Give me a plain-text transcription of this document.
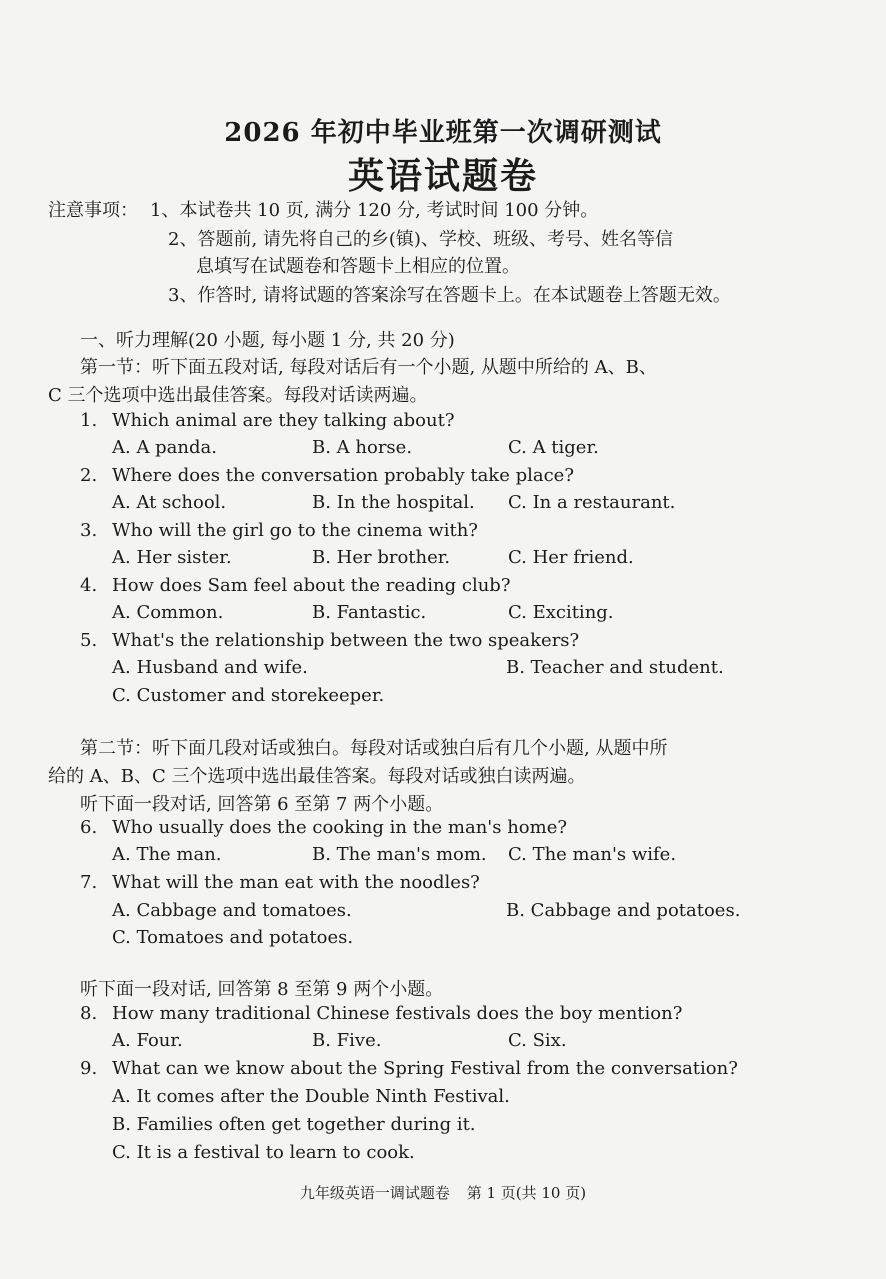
2026 年初中毕业班第一次调研测试
英语试题卷
注意事项： 1、本试卷共 10 页, 满分 120 分, 考试时间 100 分钟。
2、答题前, 请先将自己的乡(镇)、学校、班级、考号、姓名等信
息填写在试题卷和答题卡上相应的位置。
3、作答时, 请将试题的答案涂写在答题卡上。在本试题卷上答题无效。
一、听力理解(20 小题, 每小题 1 分, 共 20 分)
第一节：听下面五段对话, 每段对话后有一个小题, 从题中所给的 A、B、
C 三个选项中选出最佳答案。每段对话读两遍。
1. Which animal are they talking about?
A. A panda.	B. A horse.	C. A tiger.
2. Where does the conversation probably take place?
A. At school.	B. In the hospital. C. In a restaurant.
3. Who will the girl go to the cinema with?
A. Her sister.	B. Her brother.	C. Her friend.
4. How does Sam feel about the reading club?
A. Common.	B. Fantastic.	C. Exciting.
5. What's the relationship between the two speakers?
A. Husband and wife.	B. Teacher and student.
C. Customer and storekeeper.
第二节：听下面几段对话或独白。每段对话或独白后有几个小题, 从题中所
给的 A、B、C 三个选项中选出最佳答案。每段对话或独白读两遍。
听下面一段对话, 回答第 6 至第 7 两个小题。
6. Who usually does the cooking in the man's home?
A. The man.	B. The man's mom. C. The man's wife.
7. What will the man eat with the noodles?
A. Cabbage and tomatoes.	B. Cabbage and potatoes.
C. Tomatoes and potatoes.
听下面一段对话, 回答第 8 至第 9 两个小题。
8. How many traditional Chinese festivals does the boy mention?
A. Four.	B. Five.	C. Six.
9. What can we know about the Spring Festival from the conversation?
A. It comes after the Double Ninth Festival.
B. Families often get together during it.
C. It is a festival to learn to cook.
九年级英语一调试题卷 第 1 页(共 10 页)
